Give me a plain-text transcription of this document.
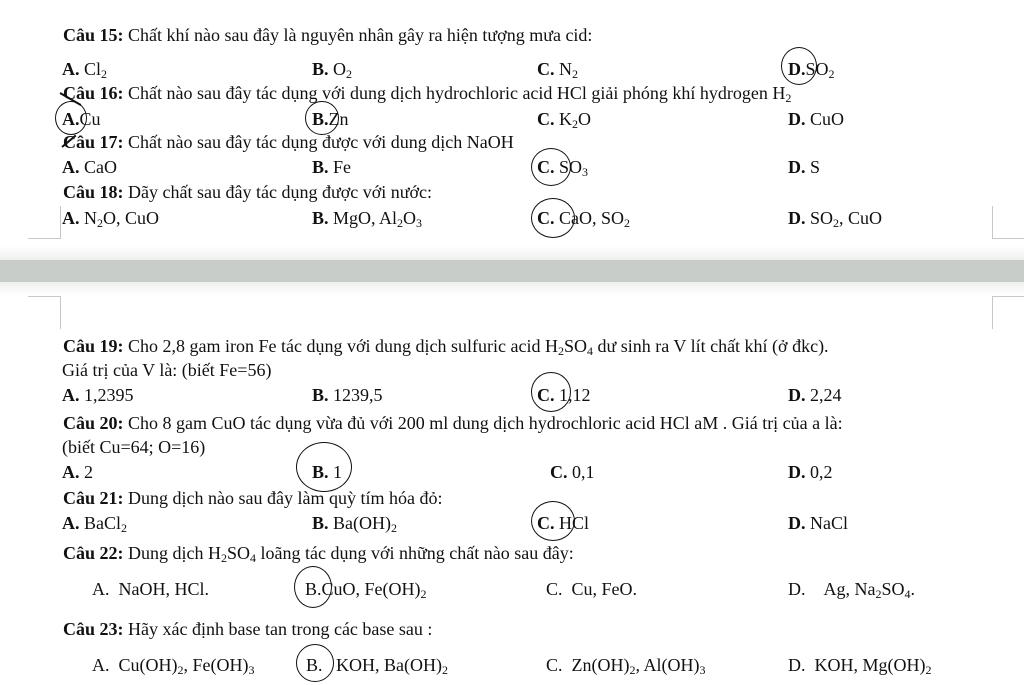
Câu 15: Chất khí nào sau đây là nguyên nhân gây ra hiện tượng mưa cid:
A. $Cl_2$	B. $O_2$	C. $N_2$	$D.SO_2$
Câu 16: Chất nào sau đây tác dụng với dung dịch hydrochloric acid HCl giải phóng khí hydrogen $H_2$
A.Cu	B.Zn	C. $K_2O$	D. CuO
Câu 17: Chất nào sau đây tác dụng được với dung dịch NaOH
A. CaO	B. Fe	C. $SO_3$	D. S
Câu 18: Dãy chất sau đây tác dụng được với nước:
A. $N_2O$, CuO	B. MgO, $Al_2O_3$	C. CaO, $SO_2$	D. $SO_2$, CuO
Câu 19: Cho 2,8 gam iron Fe tác dụng với dung dịch sulfuric acid $H_2SO_4$ dư sinh ra V lít chất khí (ở đkc).
Giá trị của V là: (biết Fe=56)
A. 1,2395	B. 1239,5	C. 1,12	D. 2,24
Câu 20: Cho 8 gam CuO tác dụng vừa đủ với 200 ml dung dịch hydrochloric acid HCl aM . Giá trị của a là:
(biết Cu=64; O=16)
A. 2	B. 1	C. 0,1	D. 0,2
Câu 21: Dung dịch nào sau đây làm quỳ tím hóa đỏ:
A. BaCl$_2$	B. $Ba(OH)_2$	C. HCl	D. NaCl
Câu 22: Dung dịch $H_2SO_4$ loãng tác dụng với những chất nào sau đây:
A. NaOH, HCl.	B.CuO, $Fe(OH)_2$	C. Cu, FeO.	D. Ag, $Na_2SO_4$.
Câu 23: Hãy xác định base tan trong các base sau :
A. $Cu(OH)_2$, $Fe(OH)_3$	B. KOH, $Ba(OH)_2$	C. $Zn(OH)_2$, $Al(OH)_3$	D. KOH, $Mg(OH)_2$
